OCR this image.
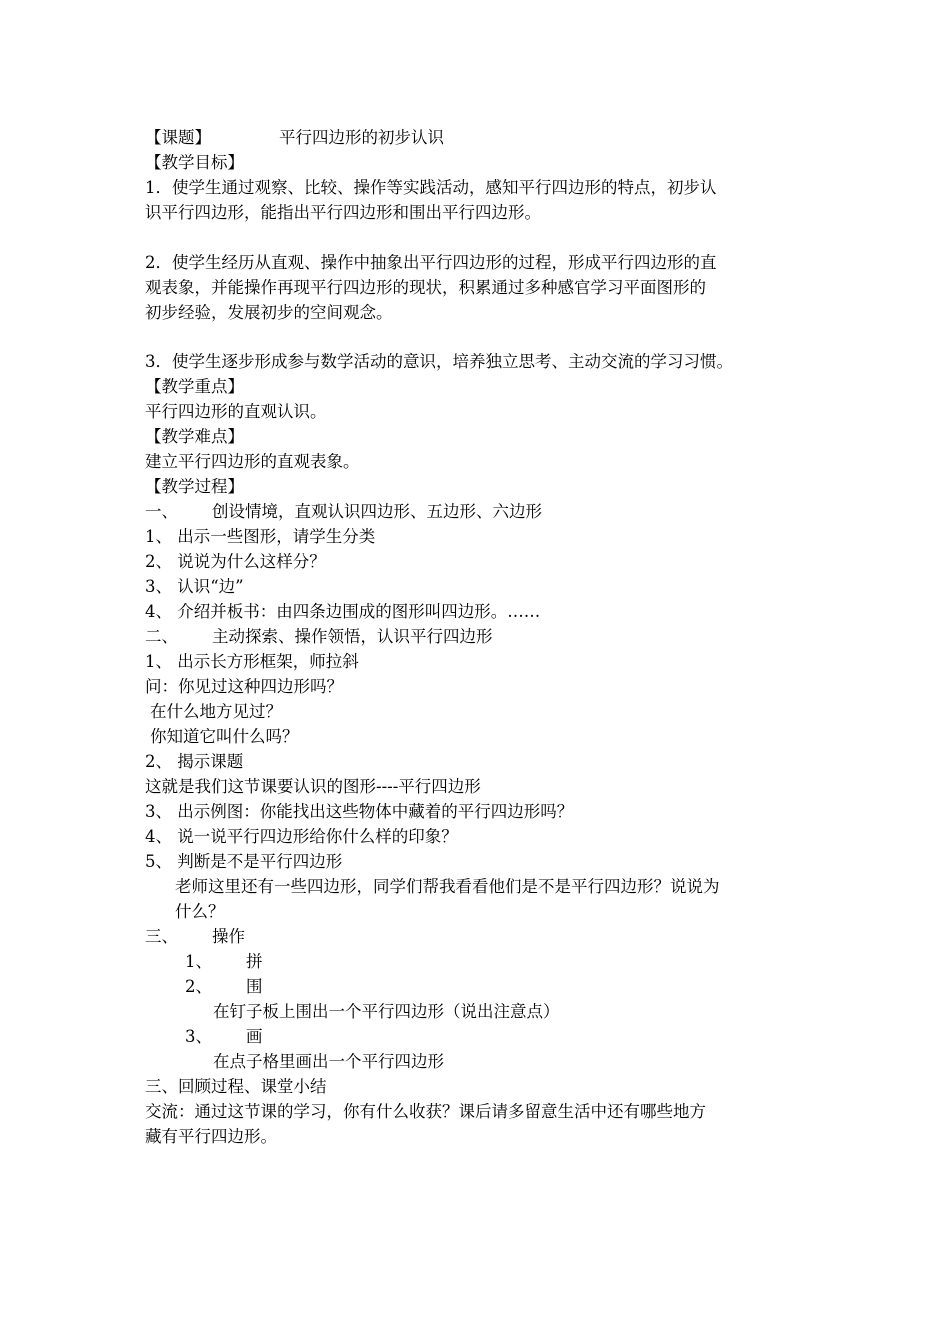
【课题】	平行四边形的初步认识
【教学目标】
1．使学生通过观察、比较、操作等实践活动，感知平行四边形的特点，初步认
识平行四边形，能指出平行四边形和围出平行四边形。
2．使学生经历从直观、操作中抽象出平行四边形的过程，形成平行四边形的直
观表象，并能操作再现平行四边形的现状，积累通过多种感官学习平面图形的
初步经验，发展初步的空间观念。
3．使学生逐步形成参与数学活动的意识，培养独立思考、主动交流的学习习惯。
【教学重点】
平行四边形的直观认识。
【教学难点】
建立平行四边形的直观表象。
【教学过程】
一、 创设情境，直观认识四边形、五边形、六边形
1、 出示一些图形，请学生分类
2、 说说为什么这样分？
3、 认识“边”
4、 介绍并板书：由四条边围成的图形叫四边形。……
二、 主动探索、操作领悟，认识平行四边形
1、 出示长方形框架，师拉斜
问：你见过这种四边形吗？
在什么地方见过？
你知道它叫什么吗？
2、 揭示课题
这就是我们这节课要认识的图形----平行四边形
3、 出示例图：你能找出这些物体中藏着的平行四边形吗？
4、 说一说平行四边形给你什么样的印象？
5、 判断是不是平行四边形
老师这里还有一些四边形，同学们帮我看看他们是不是平行四边形？说说为
什么？
三、 操作
1、 拼
2、 围
在钉子板上围出一个平行四边形（说出注意点）
3、 画
在点子格里画出一个平行四边形
三、回顾过程、课堂小结
交流：通过这节课的学习，你有什么收获？课后请多留意生活中还有哪些地方
藏有平行四边形。
